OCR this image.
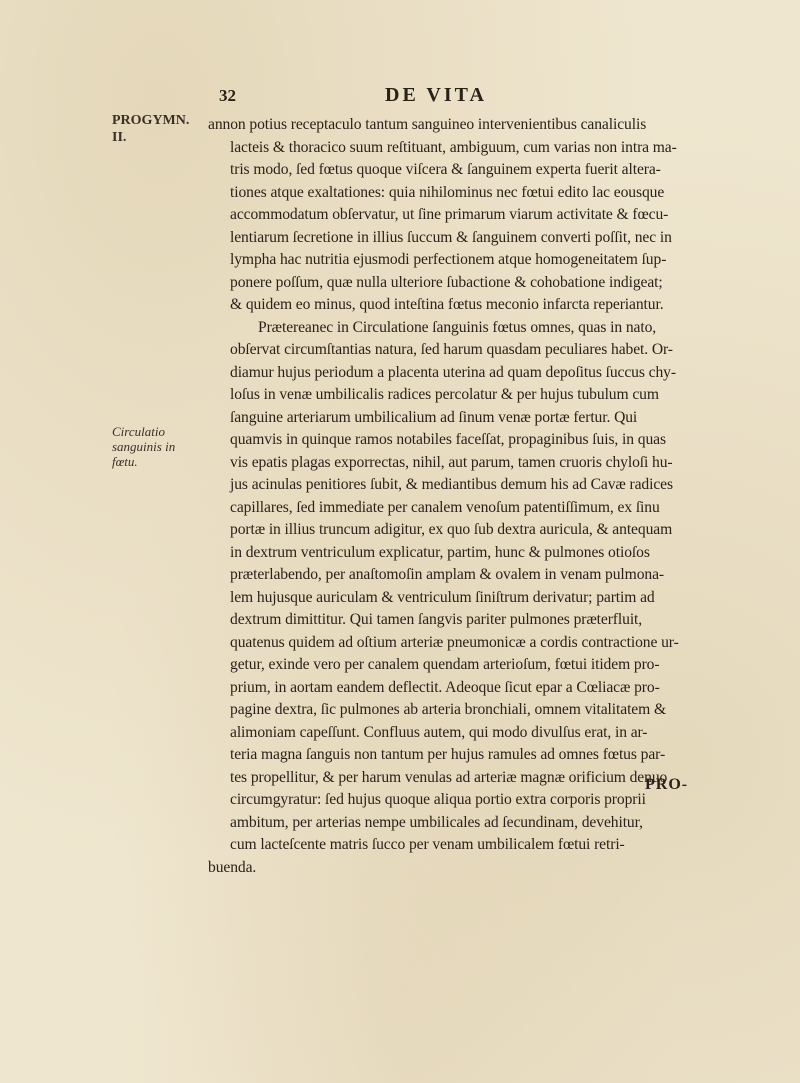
32	DE VITA
PROGYMN.
II.
Circulatio
sanguinis in
fœtu.
annon potius receptaculo tantum sanguineo intervenientibus canaliculis
lacteis & thoracico suum reſtituant, ambiguum, cum varias non intra ma-
tris modo, ſed fœtus quoque viſcera & ſanguinem experta fuerit altera-
tiones atque exaltationes: quia nihilominus nec fœtui edito lac eousque
accommodatum obſervatur, ut ſine primarum viarum activitate & fœcu-
lentiarum ſecretione in illius ſuccum & ſanguinem converti poſſit, nec in
lympha hac nutritia ejusmodi perfectionem atque homogeneitatem ſup-
ponere poſſum, quæ nulla ulteriore ſubactione & cohobatione indigeat;
& quidem eo minus, quod inteſtina fœtus meconio infarcta reperiantur.
Prætereanec in Circulatione ſanguinis fœtus omnes, quas in nato,
obſervat circumſtantias natura, ſed harum quasdam peculiares habet. Or-
diamur hujus periodum a placenta uterina ad quam depoſitus ſuccus chy-
loſus in venæ umbilicalis radices percolatur & per hujus tubulum cum
ſanguine arteriarum umbilicalium ad ſinum venæ portæ fertur. Qui
quamvis in quinque ramos notabiles faceſſat, propaginibus ſuis, in quas
vis epatis plagas exporrectas, nihil, aut parum, tamen cruoris chyloſi hu-
jus acinulas penitiores ſubit, & mediantibus demum his ad Cavæ radices
capillares, ſed immediate per canalem venoſum patentiſſimum, ex ſinu
portæ in illius truncum adigitur, ex quo ſub dextra auricula, & antequam
in dextrum ventriculum explicatur, partim, hunc & pulmones otioſos
præterlabendo, per anaſtomoſin amplam & ovalem in venam pulmona-
lem hujusque auriculam & ventriculum ſiniſtrum derivatur; partim ad
dextrum dimittitur. Qui tamen ſangvis pariter pulmones præterfluit,
quatenus quidem ad oſtium arteriæ pneumonicæ a cordis contractione ur-
getur, exinde vero per canalem quendam arterioſum, fœtui itidem pro-
prium, in aortam eandem deflectit. Adeoque ſicut epar a Cœliacæ pro-
pagine dextra, ſic pulmones ab arteria bronchiali, omnem vitalitatem &
alimoniam capeſſunt. Confluus autem, qui modo divulſus erat, in ar-
teria magna ſanguis non tantum per hujus ramules ad omnes fœtus par-
tes propellitur, & per harum venulas ad arteriæ magnæ orificium denuo
circumgyratur: ſed hujus quoque aliqua portio extra corporis proprii
ambitum, per arterias nempe umbilicales ad ſecundinam, devehitur,
cum lacteſcente matris ſucco per venam umbilicalem fœtui retri-
buenda.
PRO-
